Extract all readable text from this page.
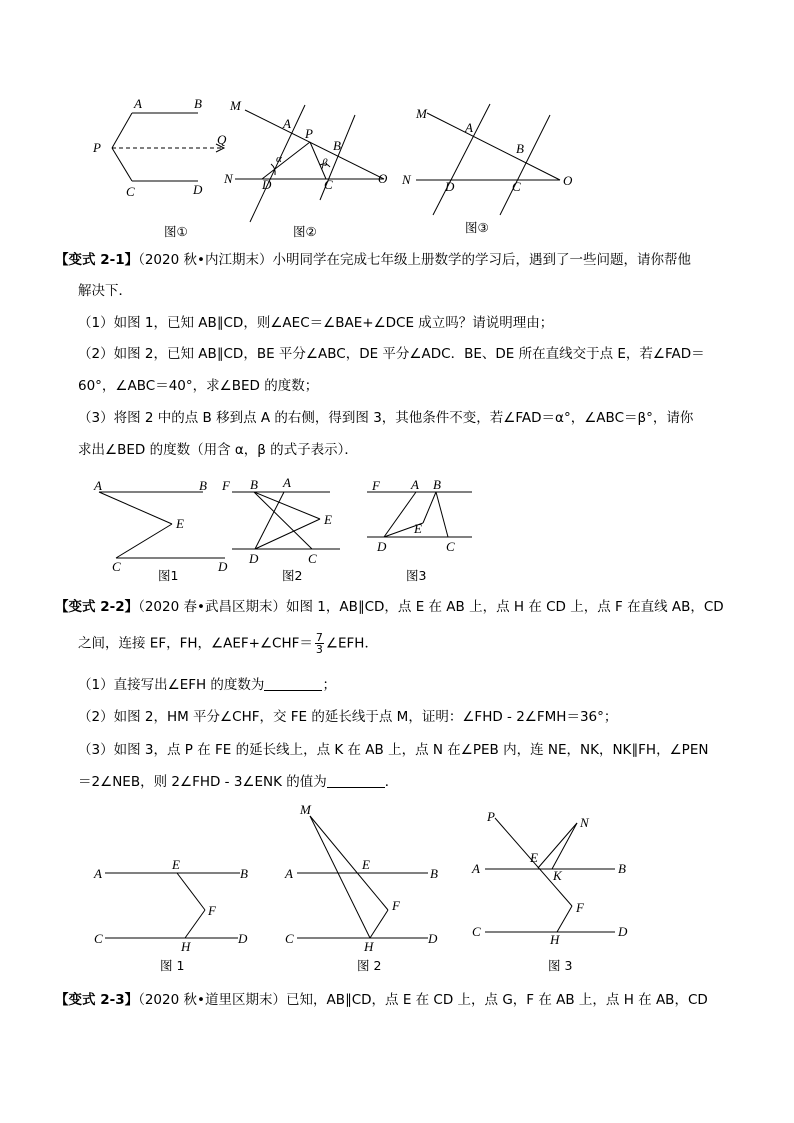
A	B
P
Q
C	D
图①
M
A
P
B
α	β
N D	C	O
图②
M
A
B
N	D	C	O
图③
【变式 2-1】（2020 秋•内江期末）小明同学在完成七年级上册数学的学习后，遇到了一些问题，请你帮他
解决下．
（1）如图 1，已知 AB∥CD，则∠AEC＝∠BAE+∠DCE 成立吗？请说明理由；
（2）如图 2，已知 AB∥CD，BE 平分∠ABC，DE 平分∠ADC．BE、DE 所在直线交于点 E，若∠FAD＝
60°，∠ABC＝40°，求∠BED 的度数；
（3）将图 2 中的点 B 移到点 A 的右侧，得到图 3，其他条件不变，若∠FAD＝α°，∠ABC＝β°，请你
求出∠BED 的度数（用含 α，β 的式子表示）．
A	B
E
C	D
图1
F B A
E
D	C
图2
F A B
E
D	C
图3
【变式 2-2】（2020 春•武昌区期末）如图 1，AB∥CD，点 E 在 AB 上，点 H 在 CD 上，点 F 在直线 AB，CD
之间，连接 EF，FH，∠AEF+∠CHF＝ $\frac{7}{3}$ ∠EFH．
（1）直接写出∠EFH 的度数为	；
（2）如图 2，HM 平分∠CHF，交 FE 的延长线于点 M，证明：∠FHD - 2∠FMH＝36°；
（3）如图 3，点 P 在 FE 的延长线上，点 K 在 AB 上，点 N 在∠PEB 内，连 NE，NK，NK∥FH，∠PEN
＝2∠NEB，则 2∠FHD - 3∠ENK 的值为	．
A
E
B
F
C
H
D
图 1
M
A
E
B
F
C
H
D
图 2
P	N
A
E
K	B
F
C
H
D
图 3
【变式 2-3】（2020 秋•道里区期末）已知，AB∥CD，点 E 在 CD 上，点 G，F 在 AB 上，点 H 在 AB，CD
